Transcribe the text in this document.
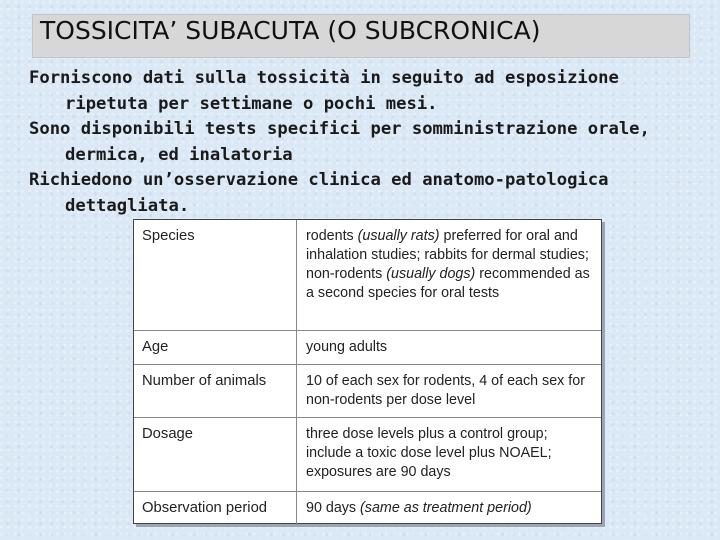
TOSSICITA’ SUBACUTA (O SUBCRONICA)

Forniscono dati sulla tossicità in seguito ad esposizione ripetuta per settimane o pochi mesi.

Sono disponibili tests specifici per somministrazione orale, dermica, ed inalatoria

Richiedono un’osservazione clinica ed anatomo-patologica dettagliata.

Species	rodents (usually rats) preferred for oral and inhalation studies; rabbits for dermal studies; non-rodents (usually dogs) recommended as a second species for oral tests
Age	young adults
Number of animals	10 of each sex for rodents, 4 of each sex for non-rodents per dose level
Dosage	three dose levels plus a control group; include a toxic dose level plus NOAEL; exposures are 90 days
Observation period	90 days (same as treatment period)
